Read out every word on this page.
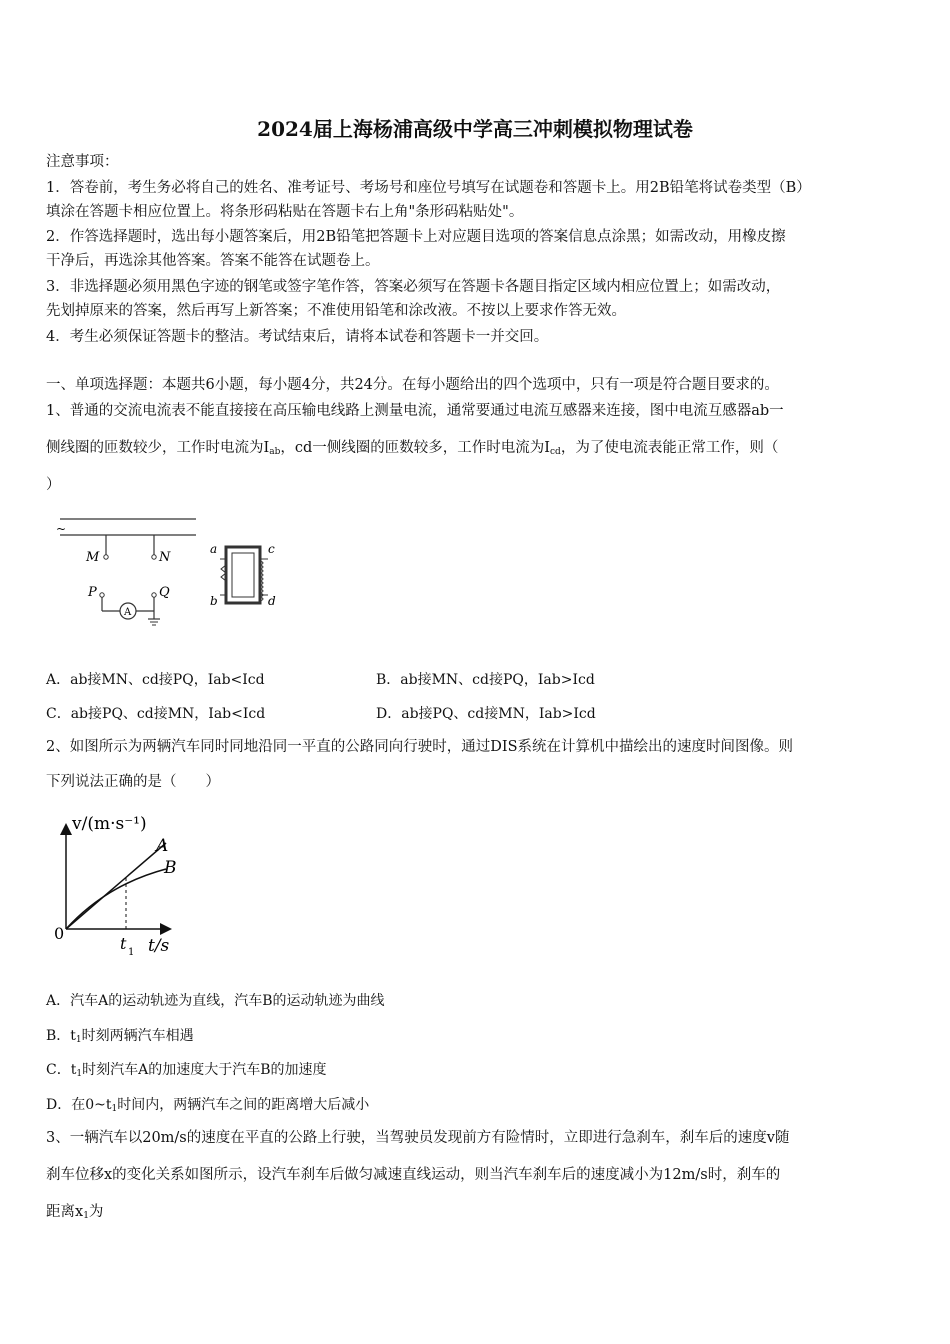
2024届上海杨浦高级中学高三冲刺模拟物理试卷
注意事项：
1．答卷前，考生务必将自己的姓名、准考证号、考场号和座位号填写在试题卷和答题卡上。用2B铅笔将试卷类型（B）
填涂在答题卡相应位置上。将条形码粘贴在答题卡右上角"条形码粘贴处"。
2．作答选择题时，选出每小题答案后，用2B铅笔把答题卡上对应题目选项的答案信息点涂黑；如需改动，用橡皮擦
干净后，再选涂其他答案。答案不能答在试题卷上。
3．非选择题必须用黑色字迹的钢笔或签字笔作答，答案必须写在答题卡各题目指定区域内相应位置上；如需改动，
先划掉原来的答案，然后再写上新答案；不准使用铅笔和涂改液。不按以上要求作答无效。
4．考生必须保证答题卡的整洁。考试结束后，请将本试卷和答题卡一并交回。
一、单项选择题：本题共6小题，每小题4分，共24分。在每小题给出的四个选项中，只有一项是符合题目要求的。
1、普通的交流电流表不能直接接在高压输电线路上测量电流，通常要通过电流互感器来连接，图中电流互感器ab一
侧线圈的匝数较少，工作时电流为$I_{ab}$，cd一侧线圈的匝数较多，工作时电流为$I_{cd}$，为了使电流表能正常工作，则（
）
~
M	N
P
A
Q
a
b
c
d
A．ab接MN、cd接PQ，Iab<Icd	B．ab接MN、cd接PQ，Iab>Icd
C．ab接PQ、cd接MN，Iab<Icd	D．ab接PQ、cd接MN，Iab>Icd
2、如图所示为两辆汽车同时同地沿同一平直的公路同向行驶时，通过DIS系统在计算机中描绘出的速度时间图像。则
下列说法正确的是（　　）
v/(m·s⁻¹)
0
t/s
A
B
t 1
A．汽车A的运动轨迹为直线，汽车B的运动轨迹为曲线
B．$t_1$时刻两辆汽车相遇
C．$t_1$时刻汽车A的加速度大于汽车B的加速度
D．在$0\sim t_1$时间内，两辆汽车之间的距离增大后减小
3、一辆汽车以20m/s的速度在平直的公路上行驶，当驾驶员发现前方有险情时，立即进行急刹车，刹车后的速度v随
刹车位移x的变化关系如图所示，设汽车刹车后做匀减速直线运动，则当汽车刹车后的速度减小为12m/s时，刹车的
距离$x_1$为
